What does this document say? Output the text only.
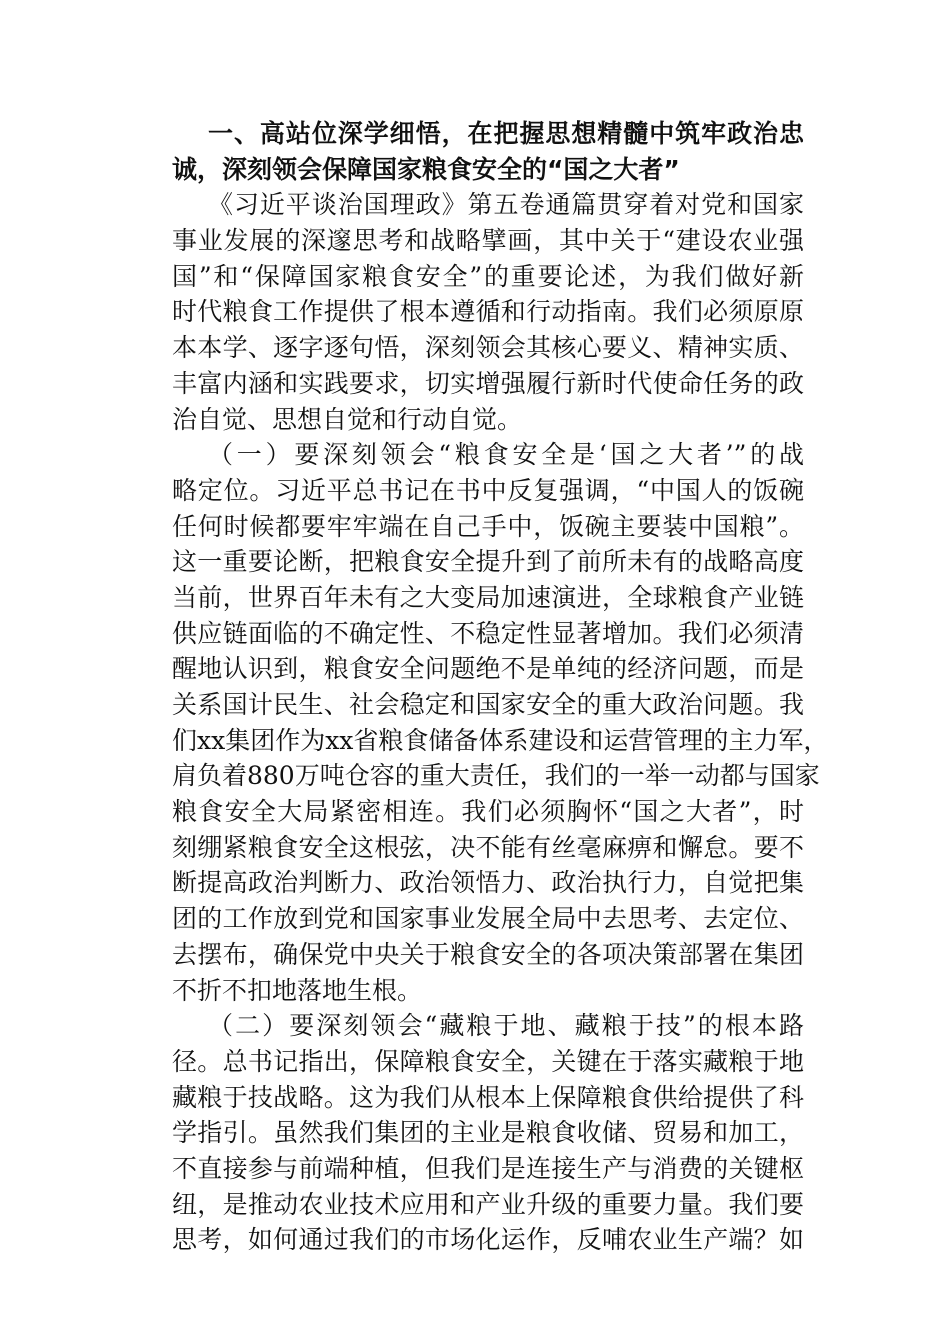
一、高站位深学细悟，在把握思想精髓中筑牢政治忠
诚，深刻领会保障国家粮食安全的“国之大者”
《习近平谈治国理政》第五卷通篇贯穿着对党和国家
事业发展的深邃思考和战略擘画，其中关于“建设农业强
国”和“保障国家粮食安全”的重要论述，为我们做好新
时代粮食工作提供了根本遵循和行动指南。我们必须原原
本本学、逐字逐句悟，深刻领会其核心要义、精神实质、
丰富内涵和实践要求，切实增强履行新时代使命任务的政
治自觉、思想自觉和行动自觉。
（一）要深刻领会“粮食安全是‘国之大者’”的战
略定位。习近平总书记在书中反复强调，“中国人的饭碗
任何时候都要牢牢端在自己手中，饭碗主要装中国粮”。
这一重要论断，把粮食安全提升到了前所未有的战略高度
当前，世界百年未有之大变局加速演进，全球粮食产业链
供应链面临的不确定性、不稳定性显著增加。我们必须清
醒地认识到，粮食安全问题绝不是单纯的经济问题，而是
关系国计民生、社会稳定和国家安全的重大政治问题。我
们xx集团作为xx省粮食储备体系建设和运营管理的主力军，
肩负着880万吨仓容的重大责任，我们的一举一动都与国家
粮食安全大局紧密相连。我们必须胸怀“国之大者”，时
刻绷紧粮食安全这根弦，决不能有丝毫麻痹和懈怠。要不
断提高政治判断力、政治领悟力、政治执行力，自觉把集
团的工作放到党和国家事业发展全局中去思考、去定位、
去摆布，确保党中央关于粮食安全的各项决策部署在集团
不折不扣地落地生根。
（二）要深刻领会“藏粮于地、藏粮于技”的根本路
径。总书记指出，保障粮食安全，关键在于落实藏粮于地
藏粮于技战略。这为我们从根本上保障粮食供给提供了科
学指引。虽然我们集团的主业是粮食收储、贸易和加工，
不直接参与前端种植，但我们是连接生产与消费的关键枢
纽，是推动农业技术应用和产业升级的重要力量。我们要
思考，如何通过我们的市场化运作，反哺农业生产端？如
